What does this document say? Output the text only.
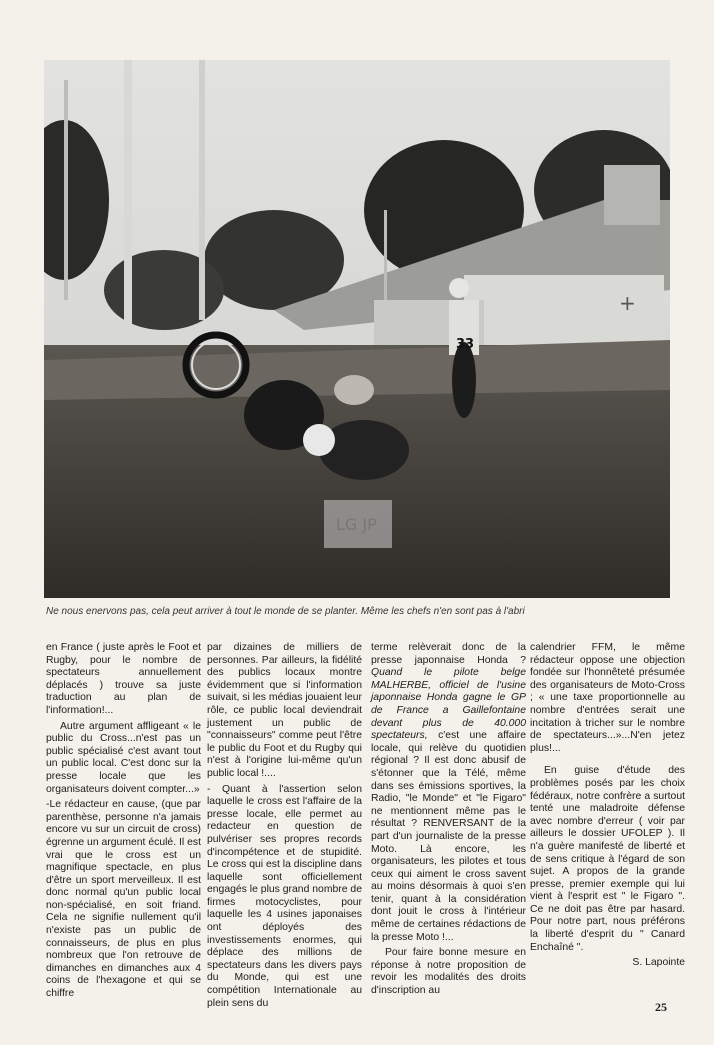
+
33
LG JP
Ne nous enervons pas, cela peut arriver à tout le monde de se planter. Même les chefs n'en sont pas à l'abri

en France ( juste après le Foot et Rugby, pour le nombre de spectateurs annuellement déplacés ) trouve sa juste traduction au plan de l'information!...

Autre argument affligeant « le public du Cross...n'est pas un public spécialisé c'est avant tout un public local. C'est donc sur la presse locale que les organisateurs doivent compter...»

-Le rédacteur en cause, (que par parenthèse, personne n'a jamais encore vu sur un circuit de cross) égrenne un argument éculé. Il est vrai que le cross est un magnifique spectacle, en plus d'être un sport merveilleux. Il est donc normal qu'un public local non-spécialisé, en soit friand. Cela ne signifie nullement qu'il n'existe pas un public de connaisseurs, de plus en plus nombreux que l'on retrouve de dimanches en dimanches aux 4 coins de l'hexagone et qui se chiffre

par dizaines de milliers de personnes. Par ailleurs, la fidélité des publics locaux montre évidemment que si l'information suivait, si les médias jouaient leur rôle, ce public local deviendrait justement un public de "connaisseurs" comme peut l'être le public du Foot et du Rugby qui n'est à l'origine lui-même qu'un public local !....

- Quant à l'assertion selon laquelle le cross est l'affaire de la presse locale, elle permet au redacteur en question de pulvériser ses propres records d'incompétence et de stupidité. Le cross qui est la discipline dans laquelle sont officiellement engagés le plus grand nombre de firmes motocyclistes, pour laquelle les 4 usines japonaises ont déployés des investissements enormes, qui déplace des millions de spectateurs dans les divers pays du Monde, qui est une compétition Internationale au plein sens du

terme relèverait donc de la presse japonnaise Honda ? Quand le pilote belge MALHERBE, officiel de l'usine japonnaise Honda gagne le GP de France a Gaillefontaine devant plus de 40.000 spectateurs, c'est une affaire locale, qui relève du quotidien régional ? Il est donc abusif de s'étonner que la Télé, même dans ses émissions sportives, la Radio, "le Monde" et "le Figaro" ne mentionnent même pas le résultat ? RENVERSANT de la part d'un journaliste de la presse Moto. Là encore, les organisateurs, les pilotes et tous ceux qui aiment le cross savent au moins désormais à quoi s'en tenir, quant à la considération dont jouit le cross à l'intérieur même de certaines rédactions de la presse Moto !...

Pour faire bonne mesure en réponse à notre proposition de revoir les modalités des droits d'inscription au

calendrier FFM, le même rédacteur oppose une objection fondée sur l'honnêteté présumée des organisateurs de Moto-Cross ; « une taxe proportionnelle au nombre d'entrées serait une incitation à tricher sur le nombre de spectateurs...»...N'en jetez plus!...

En guise d'étude des problèmes posés par les choix fédéraux, notre confrère a surtout tenté une maladroite défense avec nombre d'erreur ( voir par ailleurs le dossier UFOLEP ). Il n'a guère manifesté de liberté et de sens critique à l'égard de son sujet. A propos de la grande presse, premier exemple qui lui vient à l'esprit est " le Figaro ". Ce ne doit pas être par hasard. Pour notre part, nous préférons la liberté d'esprit du " Canard Enchaîné ".

S. Lapointe

25
